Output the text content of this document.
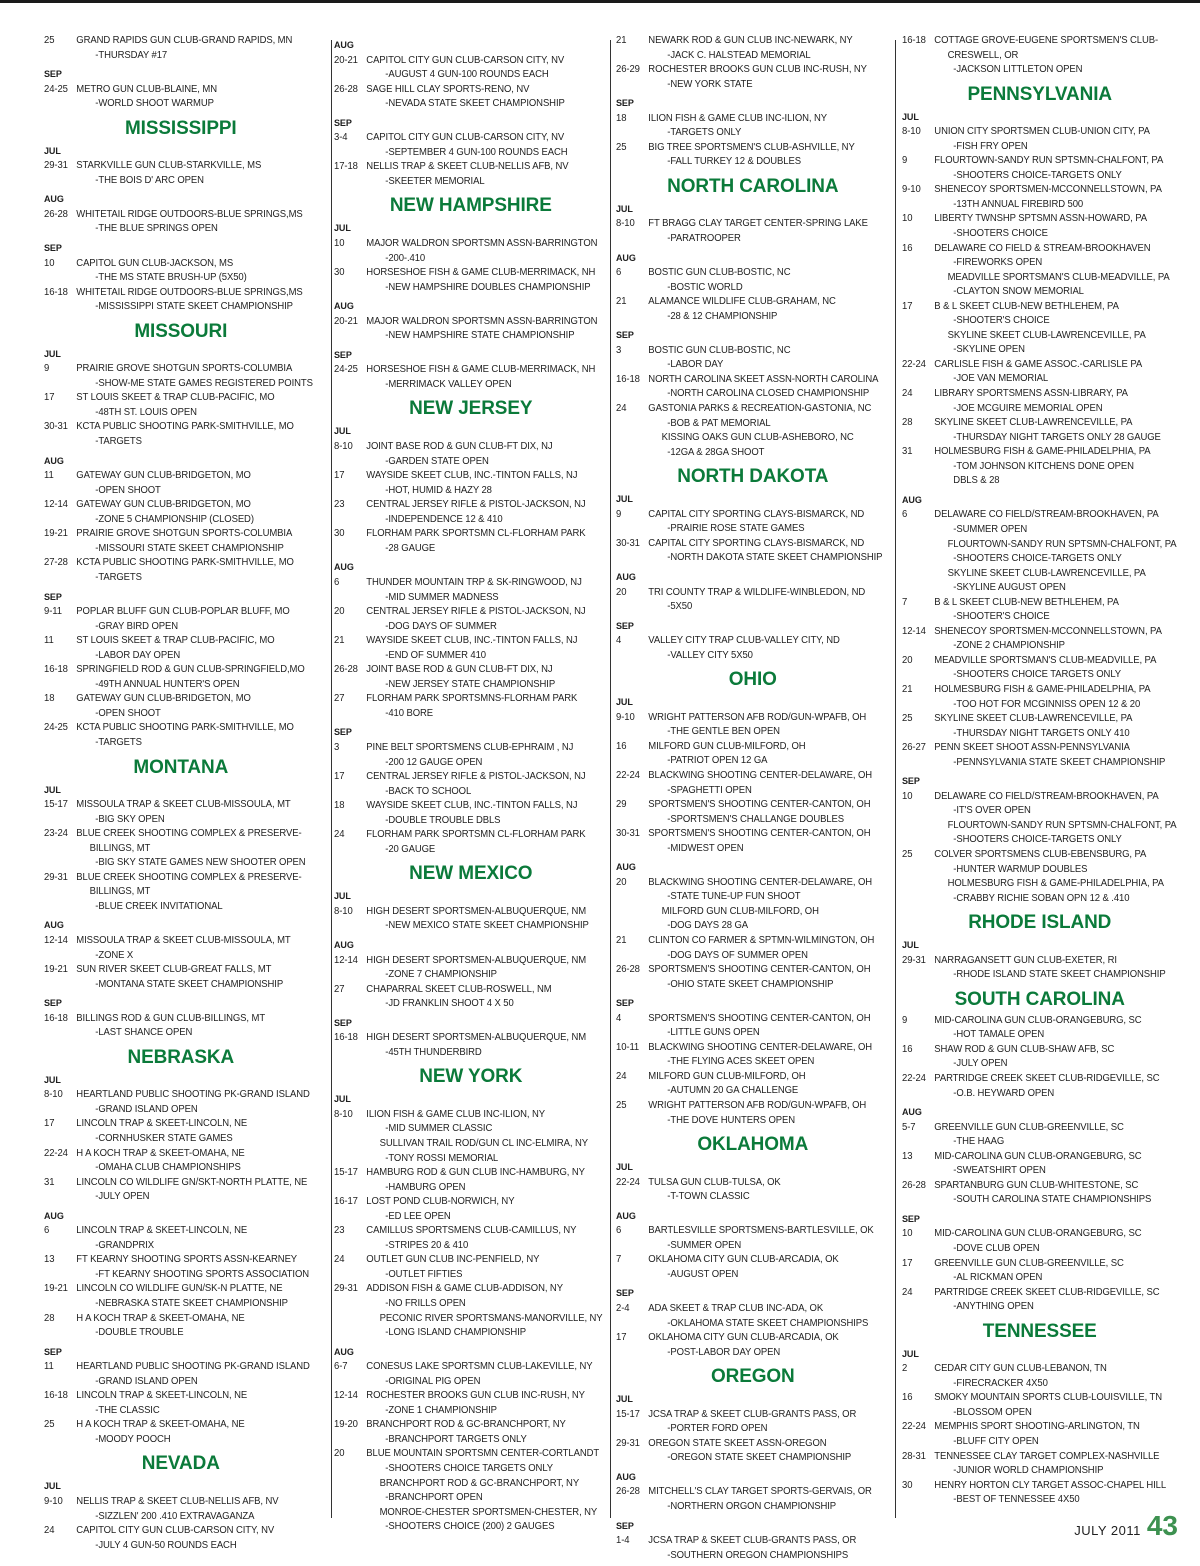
25	GRAND RAPIDS GUN CLUB-GRAND RAPIDS, MN
-THURSDAY #17
SEP
24-25 METRO GUN CLUB-BLAINE, MN
-WORLD SHOOT WARMUP
MISSISSIPPI
JUL
29-31 STARKVILLE GUN CLUB-STARKVILLE, MS
-THE BOIS D' ARC OPEN
AUG
26-28 WHITETAIL RIDGE OUTDOORS-BLUE SPRINGS,MS
-THE BLUE SPRINGS OPEN
SEP
10	CAPITOL GUN CLUB-JACKSON, MS
-THE MS STATE BRUSH-UP (5X50)
16-18 WHITETAIL RIDGE OUTDOORS-BLUE SPRINGS,MS
-MISSISSIPPI STATE SKEET CHAMPIONSHIP
MISSOURI
JUL
9	PRAIRIE GROVE SHOTGUN SPORTS-COLUMBIA
-SHOW-ME STATE GAMES REGISTERED POINTS
17	ST LOUIS SKEET & TRAP CLUB-PACIFIC, MO
-48TH ST. LOUIS OPEN
30-31 KCTA PUBLIC SHOOTING PARK-SMITHVILLE, MO
-TARGETS
AUG
11	GATEWAY GUN CLUB-BRIDGETON, MO
-OPEN SHOOT
12-14 GATEWAY GUN CLUB-BRIDGETON, MO
-ZONE 5 CHAMPIONSHIP (CLOSED)
19-21 PRAIRIE GROVE SHOTGUN SPORTS-COLUMBIA
-MISSOURI STATE SKEET CHAMPIONSHIP
27-28 KCTA PUBLIC SHOOTING PARK-SMITHVILLE, MO
-TARGETS
SEP
9-11	POPLAR BLUFF GUN CLUB-POPLAR BLUFF, MO
-GRAY BIRD OPEN
11	ST LOUIS SKEET & TRAP CLUB-PACIFIC, MO
-LABOR DAY OPEN
16-18 SPRINGFIELD ROD & GUN CLUB-SPRINGFIELD,MO
-49TH ANNUAL HUNTER'S OPEN
18	GATEWAY GUN CLUB-BRIDGETON, MO
-OPEN SHOOT
24-25 KCTA PUBLIC SHOOTING PARK-SMITHVILLE, MO
-TARGETS
MONTANA
JUL
15-17 MISSOULA TRAP & SKEET CLUB-MISSOULA, MT
-BIG SKY OPEN
23-24 BLUE CREEK SHOOTING COMPLEX & PRESERVE-
BILLINGS, MT
-BIG SKY STATE GAMES NEW SHOOTER OPEN
29-31 BLUE CREEK SHOOTING COMPLEX & PRESERVE-
BILLINGS, MT
-BLUE CREEK INVITATIONAL
AUG
12-14 MISSOULA TRAP & SKEET CLUB-MISSOULA, MT
-ZONE X
19-21 SUN RIVER SKEET CLUB-GREAT FALLS, MT
-MONTANA STATE SKEET CHAMPIONSHIP
SEP
16-18 BILLINGS ROD & GUN CLUB-BILLINGS, MT
-LAST SHANCE OPEN
NEBRASKA
JUL
8-10	HEARTLAND PUBLIC SHOOTING PK-GRAND ISLAND
-GRAND ISLAND OPEN
17	LINCOLN TRAP & SKEET-LINCOLN, NE
-CORNHUSKER STATE GAMES
22-24 H A KOCH TRAP & SKEET-OMAHA, NE
-OMAHA CLUB CHAMPIONSHIPS
31	LINCOLN CO WILDLIFE GN/SKT-NORTH PLATTE, NE
-JULY OPEN
AUG
6	LINCOLN TRAP & SKEET-LINCOLN, NE
-GRANDPRIX
13	FT KEARNY SHOOTING SPORTS ASSN-KEARNEY
-FT KEARNY SHOOTING SPORTS ASSOCIATION
19-21 LINCOLN CO WILDLIFE GUN/SK-N PLATTE, NE
-NEBRASKA STATE SKEET CHAMPIONSHIP
28	H A KOCH TRAP & SKEET-OMAHA, NE
-DOUBLE TROUBLE
SEP
11	HEARTLAND PUBLIC SHOOTING PK-GRAND ISLAND
-GRAND ISLAND OPEN
16-18 LINCOLN TRAP & SKEET-LINCOLN, NE
-THE CLASSIC
25	H A KOCH TRAP & SKEET-OMAHA, NE
-MOODY POOCH
NEVADA
JUL
9-10	NELLIS TRAP & SKEET CLUB-NELLIS AFB, NV
-SIZZLEN' 200 .410 EXTRAVAGANZA
24	CAPITOL CITY GUN CLUB-CARSON CITY, NV
-JULY 4 GUN-50 ROUNDS EACH
AUG
20-21 CAPITOL CITY GUN CLUB-CARSON CITY, NV
-AUGUST 4 GUN-100 ROUNDS EACH
26-28 SAGE HILL CLAY SPORTS-RENO, NV
-NEVADA STATE SKEET CHAMPIONSHIP
SEP
3-4	CAPITOL CITY GUN CLUB-CARSON CITY, NV
-SEPTEMBER 4 GUN-100 ROUNDS EACH
17-18 NELLIS TRAP & SKEET CLUB-NELLIS AFB, NV
-SKEETER MEMORIAL
NEW HAMPSHIRE
JUL
10	MAJOR WALDRON SPORTSMN ASSN-BARRINGTON
-200-.410
30	HORSESHOE FISH & GAME CLUB-MERRIMACK, NH
-NEW HAMPSHIRE DOUBLES CHAMPIONSHIP
AUG
20-21 MAJOR WALDRON SPORTSMN ASSN-BARRINGTON
-NEW HAMPSHIRE STATE CHAMPIONSHIP
SEP
24-25 HORSESHOE FISH & GAME CLUB-MERRIMACK, NH
-MERRIMACK VALLEY OPEN
NEW JERSEY
JUL
8-10	JOINT BASE ROD & GUN CLUB-FT DIX, NJ
-GARDEN STATE OPEN
17	WAYSIDE SKEET CLUB, INC.-TINTON FALLS, NJ
-HOT, HUMID & HAZY 28
23	CENTRAL JERSEY RIFLE & PISTOL-JACKSON, NJ
-INDEPENDENCE 12 & 410
30	FLORHAM PARK SPORTSMN CL-FLORHAM PARK
-28 GAUGE
AUG
6	THUNDER MOUNTAIN TRP & SK-RINGWOOD, NJ
-MID SUMMER MADNESS
20	CENTRAL JERSEY RIFLE & PISTOL-JACKSON, NJ
-DOG DAYS OF SUMMER
21	WAYSIDE SKEET CLUB, INC.-TINTON FALLS, NJ
-END OF SUMMER 410
26-28 JOINT BASE ROD & GUN CLUB-FT DIX, NJ
-NEW JERSEY STATE CHAMPIONSHIP
27	FLORHAM PARK SPORTSMNS-FLORHAM PARK
-410 BORE
SEP
3	PINE BELT SPORTSMENS CLUB-EPHRAIM , NJ
-200 12 GAUGE OPEN
17	CENTRAL JERSEY RIFLE & PISTOL-JACKSON, NJ
-BACK TO SCHOOL
18	WAYSIDE SKEET CLUB, INC.-TINTON FALLS, NJ
-DOUBLE TROUBLE DBLS
24	FLORHAM PARK SPORTSMN CL-FLORHAM PARK
-20 GAUGE
NEW MEXICO
JUL
8-10	HIGH DESERT SPORTSMEN-ALBUQUERQUE, NM
-NEW MEXICO STATE SKEET CHAMPIONSHIP
AUG
12-14 HIGH DESERT SPORTSMEN-ALBUQUERQUE, NM
-ZONE 7 CHAMPIONSHIP
27	CHAPARRAL SKEET CLUB-ROSWELL, NM
-JD FRANKLIN SHOOT 4 X 50
SEP
16-18 HIGH DESERT SPORTSMEN-ALBUQUERQUE, NM
-45TH THUNDERBIRD
NEW YORK
JUL
8-10	ILION FISH & GAME CLUB INC-ILION, NY
-MID SUMMER CLASSIC
SULLIVAN TRAIL ROD/GUN CL INC-ELMIRA, NY
-TONY ROSSI MEMORIAL
15-17 HAMBURG ROD & GUN CLUB INC-HAMBURG, NY
-HAMBURG OPEN
16-17 LOST POND CLUB-NORWICH, NY
-ED LEE OPEN
23	CAMILLUS SPORTSMENS CLUB-CAMILLUS, NY
-STRIPES 20 & 410
24	OUTLET GUN CLUB INC-PENFIELD, NY
-OUTLET FIFTIES
29-31 ADDISON FISH & GAME CLUB-ADDISON, NY
-NO FRILLS OPEN
PECONIC RIVER SPORTSMANS-MANORVILLE, NY
-LONG ISLAND CHAMPIONSHIP
AUG
6-7	CONESUS LAKE SPORTSMN CLUB-LAKEVILLE, NY
-ORIGINAL PIG OPEN
12-14 ROCHESTER BROOKS GUN CLUB INC-RUSH, NY
-ZONE 1 CHAMPIONSHIP
19-20 BRANCHPORT ROD & GC-BRANCHPORT, NY
-BRANCHPORT TARGETS ONLY
20	BLUE MOUNTAIN SPORTSMN CENTER-CORTLANDT
-SHOOTERS CHOICE TARGETS ONLY
BRANCHPORT ROD & GC-BRANCHPORT, NY
-BRANCHPORT OPEN
MONROE-CHESTER SPORTSMEN-CHESTER, NY
-SHOOTERS CHOICE (200) 2 GAUGES
21	NEWARK ROD & GUN CLUB INC-NEWARK, NY
-JACK C. HALSTEAD MEMORIAL
26-29 ROCHESTER BROOKS GUN CLUB INC-RUSH, NY
-NEW YORK STATE
SEP
18	ILION FISH & GAME CLUB INC-ILION, NY
-TARGETS ONLY
25	BIG TREE SPORTSMEN'S CLUB-ASHVILLE, NY
-FALL TURKEY 12 & DOUBLES
NORTH CAROLINA
JUL
8-10	FT BRAGG CLAY TARGET CENTER-SPRING LAKE
-PARATROOPER
AUG
6	BOSTIC GUN CLUB-BOSTIC, NC
-BOSTIC WORLD
21	ALAMANCE WILDLIFE CLUB-GRAHAM, NC
-28 & 12 CHAMPIONSHIP
SEP
3	BOSTIC GUN CLUB-BOSTIC, NC
-LABOR DAY
16-18 NORTH CAROLINA SKEET ASSN-NORTH CAROLINA
-NORTH CAROLINA CLOSED CHAMPIONSHIP
24	GASTONIA PARKS & RECREATION-GASTONIA, NC
-BOB & PAT MEMORIAL
KISSING OAKS GUN CLUB-ASHEBORO, NC
-12GA & 28GA SHOOT
NORTH DAKOTA
JUL
9	CAPITAL CITY SPORTING CLAYS-BISMARCK, ND
-PRAIRIE ROSE STATE GAMES
30-31 CAPITAL CITY SPORTING CLAYS-BISMARCK, ND
-NORTH DAKOTA STATE SKEET CHAMPIONSHIP
AUG
20	TRI COUNTY TRAP & WILDLIFE-WINBLEDON, ND
-5X50
SEP
4	VALLEY CITY TRAP CLUB-VALLEY CITY, ND
-VALLEY CITY 5X50
OHIO
JUL
9-10	WRIGHT PATTERSON AFB ROD/GUN-WPAFB, OH
-THE GENTLE BEN OPEN
16	MILFORD GUN CLUB-MILFORD, OH
-PATRIOT OPEN 12 GA
22-24 BLACKWING SHOOTING CENTER-DELAWARE, OH
-SPAGHETTI OPEN
29	SPORTSMEN'S SHOOTING CENTER-CANTON, OH
-SPORTSMEN'S CHALLANGE DOUBLES
30-31 SPORTSMEN'S SHOOTING CENTER-CANTON, OH
-MIDWEST OPEN
AUG
20	BLACKWING SHOOTING CENTER-DELAWARE, OH
-STATE TUNE-UP FUN SHOOT
MILFORD GUN CLUB-MILFORD, OH
-DOG DAYS 28 GA
21	CLINTON CO FARMER & SPTMN-WILMINGTON, OH
-DOG DAYS OF SUMMER OPEN
26-28 SPORTSMEN'S SHOOTING CENTER-CANTON, OH
-OHIO STATE SKEET CHAMPIONSHIP
SEP
4	SPORTSMEN'S SHOOTING CENTER-CANTON, OH
-LITTLE GUNS OPEN
10-11 BLACKWING SHOOTING CENTER-DELAWARE, OH
-THE FLYING ACES SKEET OPEN
24	MILFORD GUN CLUB-MILFORD, OH
-AUTUMN 20 GA CHALLENGE
25	WRIGHT PATTERSON AFB ROD/GUN-WPAFB, OH
-THE DOVE HUNTERS OPEN
OKLAHOMA
JUL
22-24 TULSA GUN CLUB-TULSA, OK
-T-TOWN CLASSIC
AUG
6	BARTLESVILLE SPORTSMENS-BARTLESVILLE, OK
-SUMMER OPEN
7	OKLAHOMA CITY GUN CLUB-ARCADIA, OK
-AUGUST OPEN
SEP
2-4	ADA SKEET & TRAP CLUB INC-ADA, OK
-OKLAHOMA STATE SKEET CHAMPIONSHIPS
17	OKLAHOMA CITY GUN CLUB-ARCADIA, OK
-POST-LABOR DAY OPEN
OREGON
JUL
15-17 JCSA TRAP & SKEET CLUB-GRANTS PASS, OR
-PORTER FORD OPEN
29-31 OREGON STATE SKEET ASSN-OREGON
-OREGON STATE SKEET CHAMPIONSHIP
AUG
26-28 MITCHELL'S CLAY TARGET SPORTS-GERVAIS, OR
-NORTHERN ORGON CHAMPIONSHIP
SEP
1-4	JCSA TRAP & SKEET CLUB-GRANTS PASS, OR
-SOUTHERN OREGON CHAMPIONSHIPS
16-18 COTTAGE GROVE-EUGENE SPORTSMEN'S CLUB-
CRESWELL, OR
-JACKSON LITTLETON OPEN
PENNSYLVANIA
JUL
8-10	UNION CITY SPORTSMEN CLUB-UNION CITY, PA
-FISH FRY OPEN
9	FLOURTOWN-SANDY RUN SPTSMN-CHALFONT, PA
-SHOOTERS CHOICE-TARGETS ONLY
9-10	SHENECOY SPORTSMEN-MCCONNELLSTOWN, PA
-13TH ANNUAL FIREBIRD 500
10	LIBERTY TWNSHP SPTSMN ASSN-HOWARD, PA
-SHOOTERS CHOICE
16	DELAWARE CO FIELD & STREAM-BROOKHAVEN
-FIREWORKS OPEN
MEADVILLE SPORTSMAN'S CLUB-MEADVILLE, PA
-CLAYTON SNOW MEMORIAL
17	B & L SKEET CLUB-NEW BETHLEHEM, PA
-SHOOTER'S CHOICE
SKYLINE SKEET CLUB-LAWRENCEVILLE, PA
-SKYLINE OPEN
22-24 CARLISLE FISH & GAME ASSOC.-CARLISLE PA
-JOE VAN MEMORIAL
24	LIBRARY SPORTSMENS ASSN-LIBRARY, PA
-JOE MCGUIRE MEMORIAL OPEN
28	SKYLINE SKEET CLUB-LAWRENCEVILLE, PA
-THURSDAY NIGHT TARGETS ONLY 28 GAUGE
31	HOLMESBURG FISH & GAME-PHILADELPHIA, PA
-TOM JOHNSON KITCHENS DONE OPEN
DBLS & 28
AUG
6	DELAWARE CO FIELD/STREAM-BROOKHAVEN, PA
-SUMMER OPEN
FLOURTOWN-SANDY RUN SPTSMN-CHALFONT, PA
-SHOOTERS CHOICE-TARGETS ONLY
SKYLINE SKEET CLUB-LAWRENCEVILLE, PA
-SKYLINE AUGUST OPEN
7	B & L SKEET CLUB-NEW BETHLEHEM, PA
-SHOOTER'S CHOICE
12-14 SHENECOY SPORTSMEN-MCCONNELLSTOWN, PA
-ZONE 2 CHAMPIONSHIP
20	MEADVILLE SPORTSMAN'S CLUB-MEADVILLE, PA
-SHOOTERS CHOICE TARGETS ONLY
21	HOLMESBURG FISH & GAME-PHILADELPHIA, PA
-TOO HOT FOR MCGINNISS OPEN 12 & 20
25	SKYLINE SKEET CLUB-LAWRENCEVILLE, PA
-THURSDAY NIGHT TARGETS ONLY 410
26-27 PENN SKEET SHOOT ASSN-PENNSYLVANIA
-PENNSYLVANIA STATE SKEET CHAMPIONSHIP
SEP
10	DELAWARE CO FIELD/STREAM-BROOKHAVEN, PA
-IT'S OVER OPEN
FLOURTOWN-SANDY RUN SPTSMN-CHALFONT, PA
-SHOOTERS CHOICE-TARGETS ONLY
25	COLVER SPORTSMENS CLUB-EBENSBURG, PA
-HUNTER WARMUP DOUBLES
HOLMESBURG FISH & GAME-PHILADELPHIA, PA
-CRABBY RICHIE SOBAN OPN 12 & .410
RHODE ISLAND
JUL
29-31 NARRAGANSETT GUN CLUB-EXETER, RI
-RHODE ISLAND STATE SKEET CHAMPIONSHIP
SOUTH CAROLINA
9	MID-CAROLINA GUN CLUB-ORANGEBURG, SC
-HOT TAMALE OPEN
16	SHAW ROD & GUN CLUB-SHAW AFB, SC
-JULY OPEN
22-24 PARTRIDGE CREEK SKEET CLUB-RIDGEVILLE, SC
-O.B. HEYWARD OPEN
AUG
5-7	GREENVILLE GUN CLUB-GREENVILLE, SC
-THE HAAG
13	MID-CAROLINA GUN CLUB-ORANGEBURG, SC
-SWEATSHIRT OPEN
26-28 SPARTANBURG GUN CLUB-WHITESTONE, SC
-SOUTH CAROLINA STATE CHAMPIONSHIPS
SEP
10	MID-CAROLINA GUN CLUB-ORANGEBURG, SC
-DOVE CLUB OPEN
17	GREENVILLE GUN CLUB-GREENVILLE, SC
-AL RICKMAN OPEN
24	PARTRIDGE CREEK SKEET CLUB-RIDGEVILLE, SC
-ANYTHING OPEN
TENNESSEE
JUL
2	CEDAR CITY GUN CLUB-LEBANON, TN
-FIRECRACKER 4X50
16	SMOKY MOUNTAIN SPORTS CLUB-LOUISVILLE, TN
-BLOSSOM OPEN
22-24 MEMPHIS SPORT SHOOTING-ARLINGTON, TN
-BLUFF CITY OPEN
28-31 TENNESSEE CLAY TARGET COMPLEX-NASHVILLE
-JUNIOR WORLD CHAMPIONSHIP
30	HENRY HORTON CLY TARGET ASSOC-CHAPEL HILL
-BEST OF TENNESSEE 4X50
JULY 2011 43
